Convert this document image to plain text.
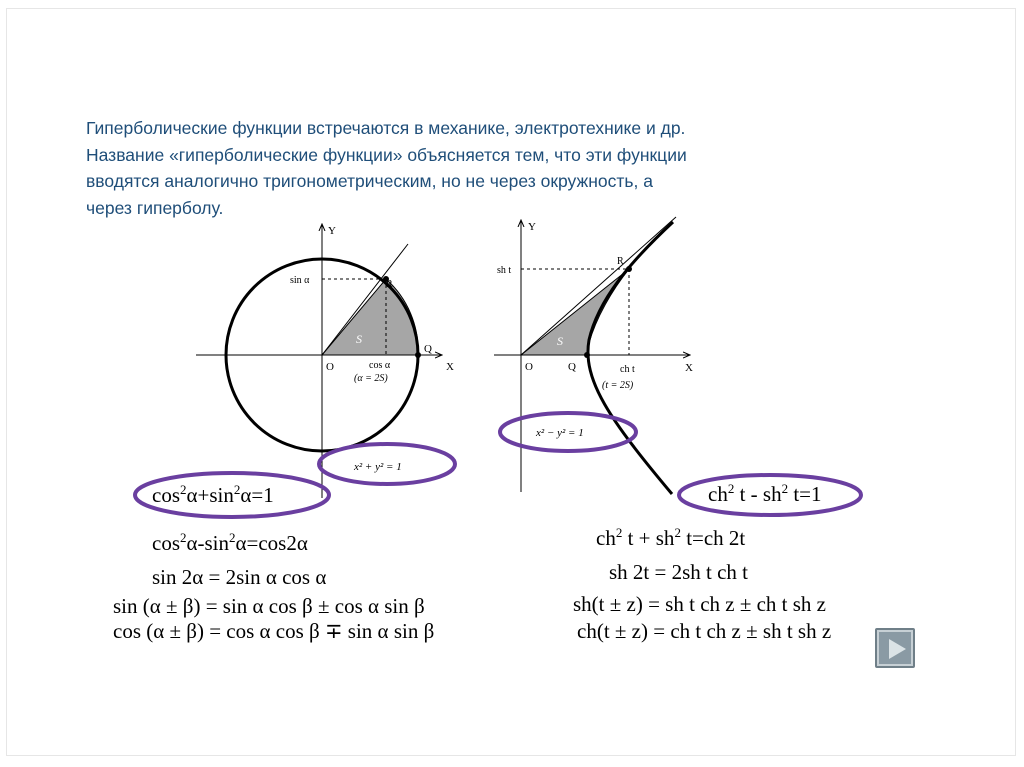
Гиперболические функции встречаются в механике, электротехнике и др.
Название «гиперболические функции» объясняется тем, что эти функции
вводятся аналогично тригонометрическим, но не через окружность, а
через гиперболу.

Y
X
O
R
Q
sin α
cos α
(α = 2S)
S
x² + y² = 1
Y
X
O
R
Q
sh t
ch t
(t = 2S)
S
x² − y² = 1
$\cos^2\alpha+\sin^2\alpha=1$
$\cos^2\alpha-\sin^2\alpha=\cos 2\alpha$
sin 2α = 2sin α cos α
sin (α ± β) = sin α cos β ± cos α sin β
cos (α ± β) = cos α cos β ∓ sin α sin β
$ch^2$ t - $sh^2$ t=1
$ch^2$ $t + sh^2$ t=ch 2t
sh 2t = 2sh t ch t
sh(t ± z) = sh t ch z ± ch t sh z
ch(t ± z) = ch t ch z ± sh t sh z
